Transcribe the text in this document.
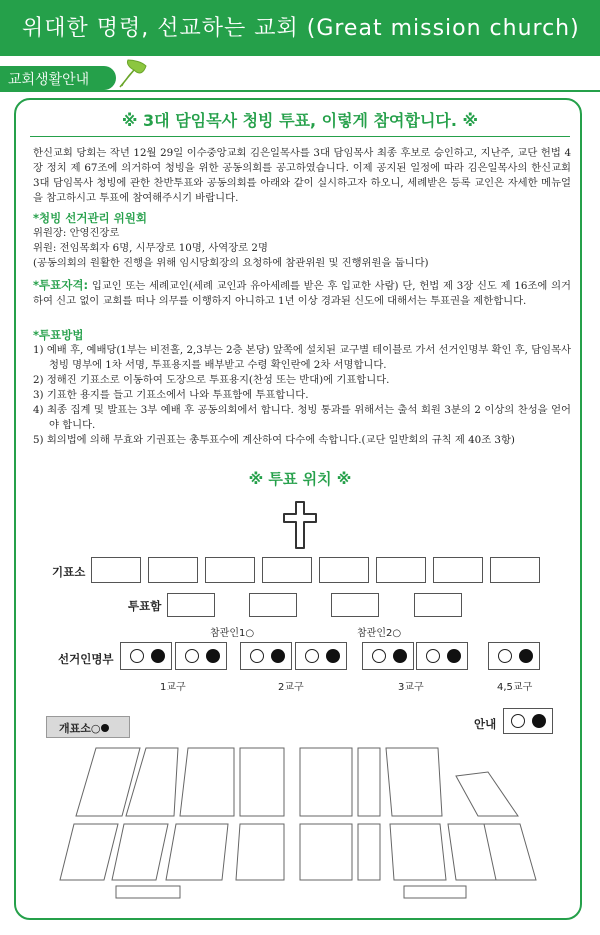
위대한 명령, 선교하는 교회 (Great mission church)
교회생활안내
※ 3대 담임목사 청빙 투표, 이렇게 참여합니다. ※
한신교회 당회는 작년 12월 29일 이수중앙교회 김은일목사를 3대 담임목사 최종 후보로 승인하고, 지난주, 교단 헌법 4장 정치 제 67조에 의거하여 청빙을 위한 공동의회를 공고하였습니다. 이제 공지된 일정에 따라 김은일목사의 한신교회 3대 담임목사 청빙에 관한 찬반투표와 공동의회를 아래와 같이 실시하고자 하오니, 세례받은 등록 교인은 자세한 메뉴얼을 참고하시고 투표에 참여해주시기 바랍니다.
*청빙 선거관리 위원회
위원장: 안영진장로
위원: 전임목회자 6명, 시무장로 10명, 사역장로 2명
(공동의회의 원활한 진행을 위해 임시당회장의 요청하에 참관위원 및 진행위원을 둡니다)
*투표자격: 입교인 또는 세례교인(세례 교인과 유아세례를 받은 후 입교한 사람) 단, 헌법 제 3장 신도 제 16조에 의거하여 신고 없이 교회를 떠나 의무를 이행하지 아니하고 1년 이상 경과된 신도에 대해서는 투표권을 제한합니다.
*투표방법
1) 예배 후, 예배당(1부는 비전홀, 2,3부는 2층 본당) 앞쪽에 설치된 교구별 테이블로 가서 선거인명부 확인 후, 담임목사청빙 명부에 1차 서명, 투표용지를 배부받고 수령 확인란에 2차 서명합니다.
2) 정해진 기표소로 이동하여 도장으로 투표용지(찬성 또는 반대)에 기표합니다.
3) 기표한 용지를 들고 기표소에서 나와 투표함에 투표합니다.
4) 최종 집계 및 발표는 3부 예배 후 공동의회에서 합니다. 청빙 통과를 위해서는 출석 회원 3분의 2 이상의 찬성을 얻어야 합니다.
5) 회의법에 의해 무효와 기권표는 총투표수에 계산하여 다수에 속합니다.(교단 일반회의 규칙 제 40조 3항)
※ 투표 위치 ※
기표소
투표함
참관인1○	참관인2○
선거인명부
1교구	2교구	3교구	4,5교구
개표소○	안내
